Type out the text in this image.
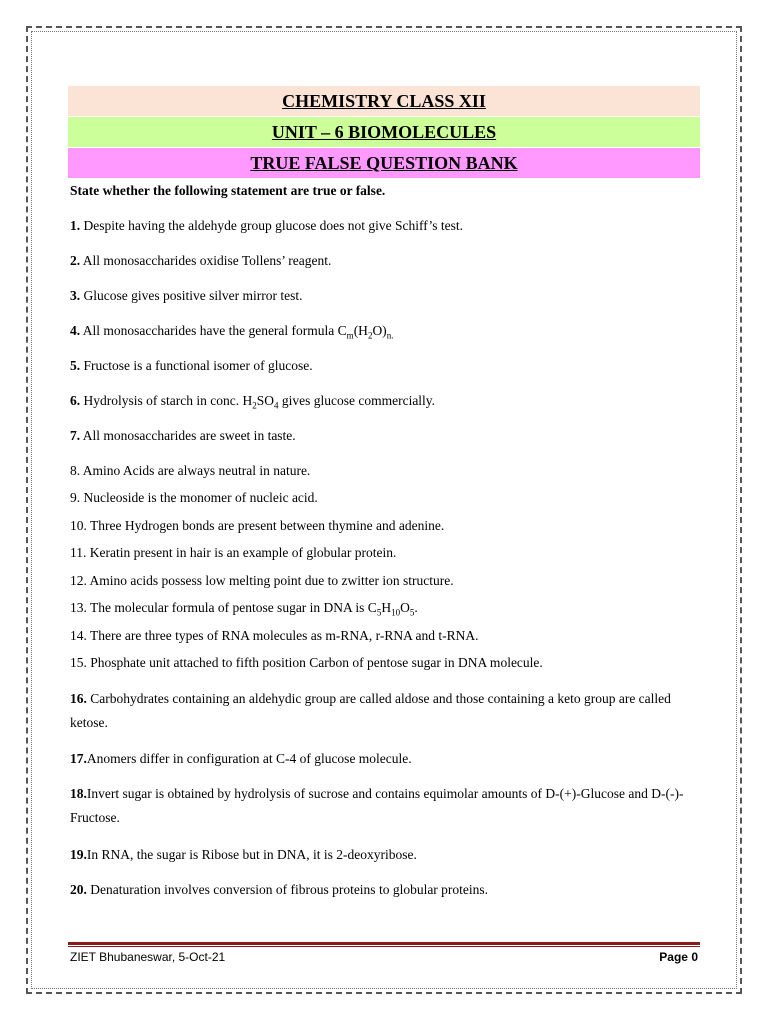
CHEMISTRY CLASS XII
UNIT – 6 BIOMOLECULES
TRUE FALSE QUESTION BANK
State whether the following statement are true or false.
1. Despite having the aldehyde group glucose does not give Schiff’s test.
2. All monosaccharides oxidise Tollens’ reagent.
3. Glucose gives positive silver mirror test.
4. All monosaccharides have the general formula $C_m(H_2O)_{n.}$
5. Fructose is a functional isomer of glucose.
6. Hydrolysis of starch in conc. $H_2SO_4$ gives glucose commercially.
7. All monosaccharides are sweet in taste.
8. Amino Acids are always neutral in nature.
9. Nucleoside is the monomer of nucleic acid.
10. Three Hydrogen bonds are present between thymine and adenine.
11. Keratin present in hair is an example of globular protein.
12. Amino acids possess low melting point due to zwitter ion structure.
13. The molecular formula of pentose sugar in DNA is $C_5H_{10}O_5$.
14. There are three types of RNA molecules as m-RNA, r-RNA and t-RNA.
15. Phosphate unit attached to fifth position Carbon of pentose sugar in DNA molecule.
16. Carbohydrates containing an aldehydic group are called aldose and those containing a keto group are called ketose.
17.Anomers differ in configuration at C-4 of glucose molecule.
18.Invert sugar is obtained by hydrolysis of sucrose and contains equimolar amounts of D-(+)-Glucose and D-(-)-Fructose.
19.In RNA, the sugar is Ribose but in DNA, it is 2-deoxyribose.
20. Denaturation involves conversion of fibrous proteins to globular proteins.
ZIET Bhubaneswar, 5-Oct-21	Page 0
